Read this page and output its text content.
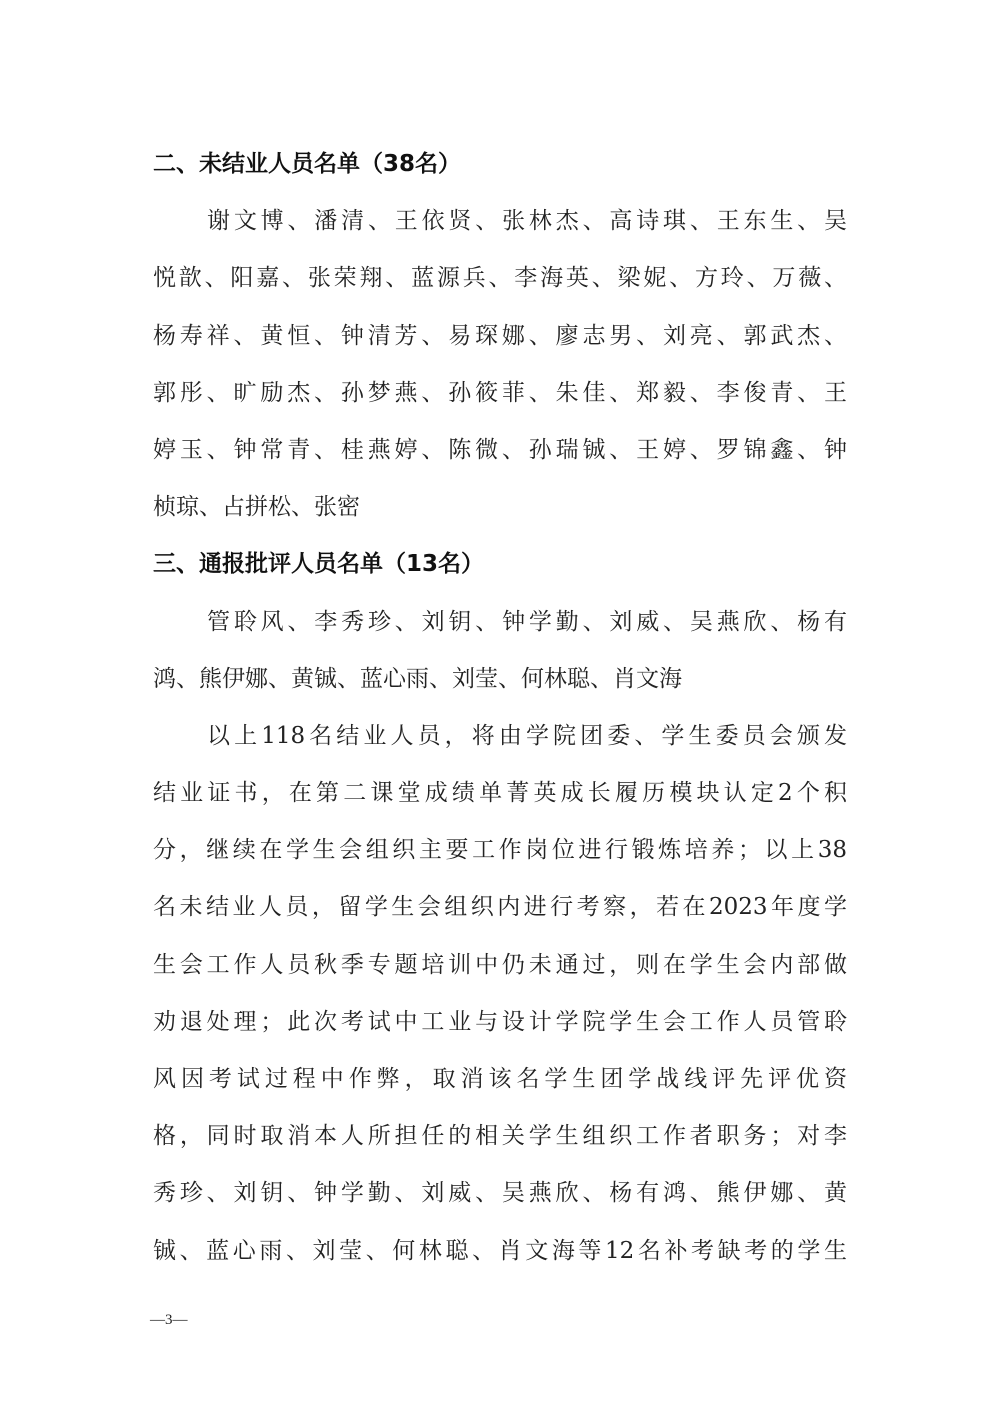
二、未结业人员名单（38名）
谢文博、潘清、王依贤、张林杰、高诗琪、王东生、吴
悦歆、阳嘉、张荣翔、蓝源兵、李海英、梁妮、方玲、万薇、
杨寿祥、黄恒、钟清芳、易琛娜、廖志男、刘亮、郭武杰、
郭彤、旷励杰、孙梦燕、孙筱菲、朱佳、郑毅、李俊青、王
婷玉、钟常青、桂燕婷、陈微、孙瑞铖、王婷、罗锦鑫、钟
桢琼、占拼松、张密
三、通报批评人员名单（13名）
管聆风、李秀珍、刘钥、钟学勤、刘威、吴燕欣、杨有
鸿、熊伊娜、黄铖、蓝心雨、刘莹、何林聪、肖文海
以上118名结业人员，将由学院团委、学生委员会颁发
结业证书，在第二课堂成绩单菁英成长履历模块认定2个积
分，继续在学生会组织主要工作岗位进行锻炼培养；以上38
名未结业人员，留学生会组织内进行考察，若在2023年度学
生会工作人员秋季专题培训中仍未通过，则在学生会内部做
劝退处理；此次考试中工业与设计学院学生会工作人员管聆
风因考试过程中作弊，取消该名学生团学战线评先评优资
格，同时取消本人所担任的相关学生组织工作者职务；对李
秀珍、刘钥、钟学勤、刘威、吴燕欣、杨有鸿、熊伊娜、黄
铖、蓝心雨、刘莹、何林聪、肖文海等12名补考缺考的学生
—3—
